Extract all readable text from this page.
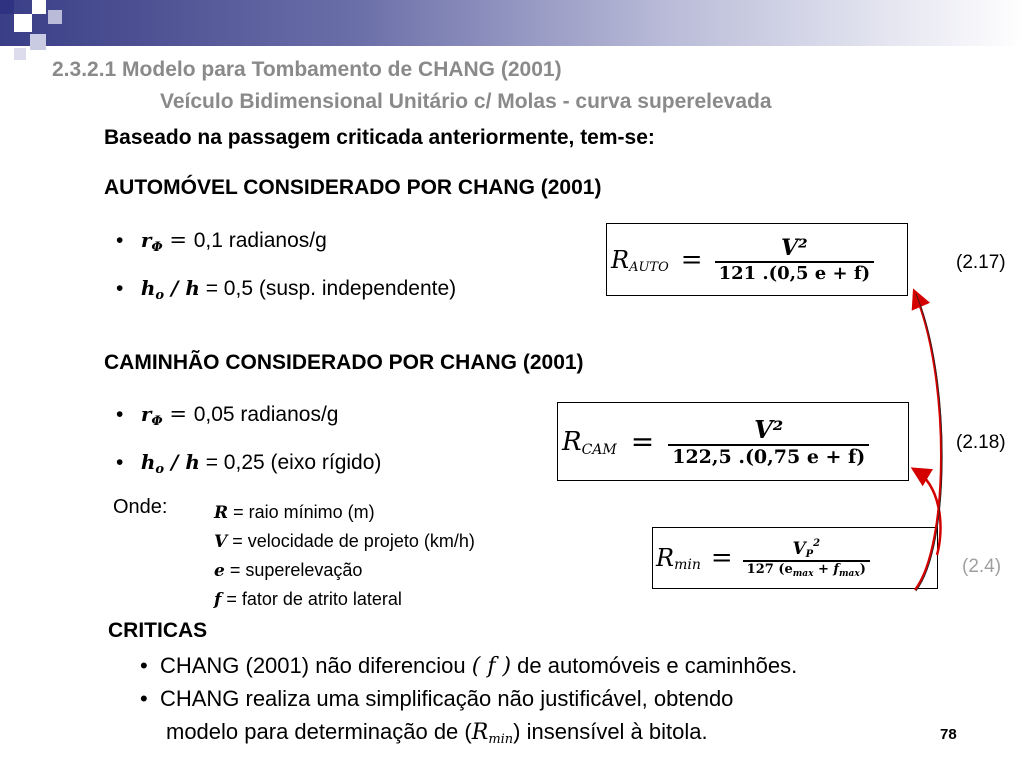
2.3.2.1 Modelo para Tombamento de CHANG (2001)
Veículo Bidimensional Unitário c/ Molas - curva superelevada
Baseado na passagem criticada anteriormente, tem-se:
AUTOMÓVEL CONSIDERADO POR CHANG (2001)
• $r_\Phi = 0,1$ radianos/g
• $h_o / h = 0,5$ (susp. independente)
R AUTO = $\frac{\text{V²}}{121 .(0,5 e + f)}$	(2.17)
CAMINHÃO CONSIDERADO POR CHANG (2001)
• $r_\Phi = 0,05$ radianos/g
• $h_o / h = 0,25$ (eixo rígido)
R CAM = $\frac{\text{V²}}{122,5 .(0,75 e + f)}$	(2.18)
Onde:	R = raio mínimo (m)
V = velocidade de projeto (km/h)
e = superelevação
f = fator de atrito lateral
R $\min = \frac{VP^2}{127 (e_{max} + f_{max})}$	(2.4)
CRITICAS
• CHANG (2001) não diferenciou ( f ) de automóveis e caminhões.
• CHANG realiza uma simplificação não justificável, obtendo
modelo para determinação de (Rmin) insensível à bitola.	78
